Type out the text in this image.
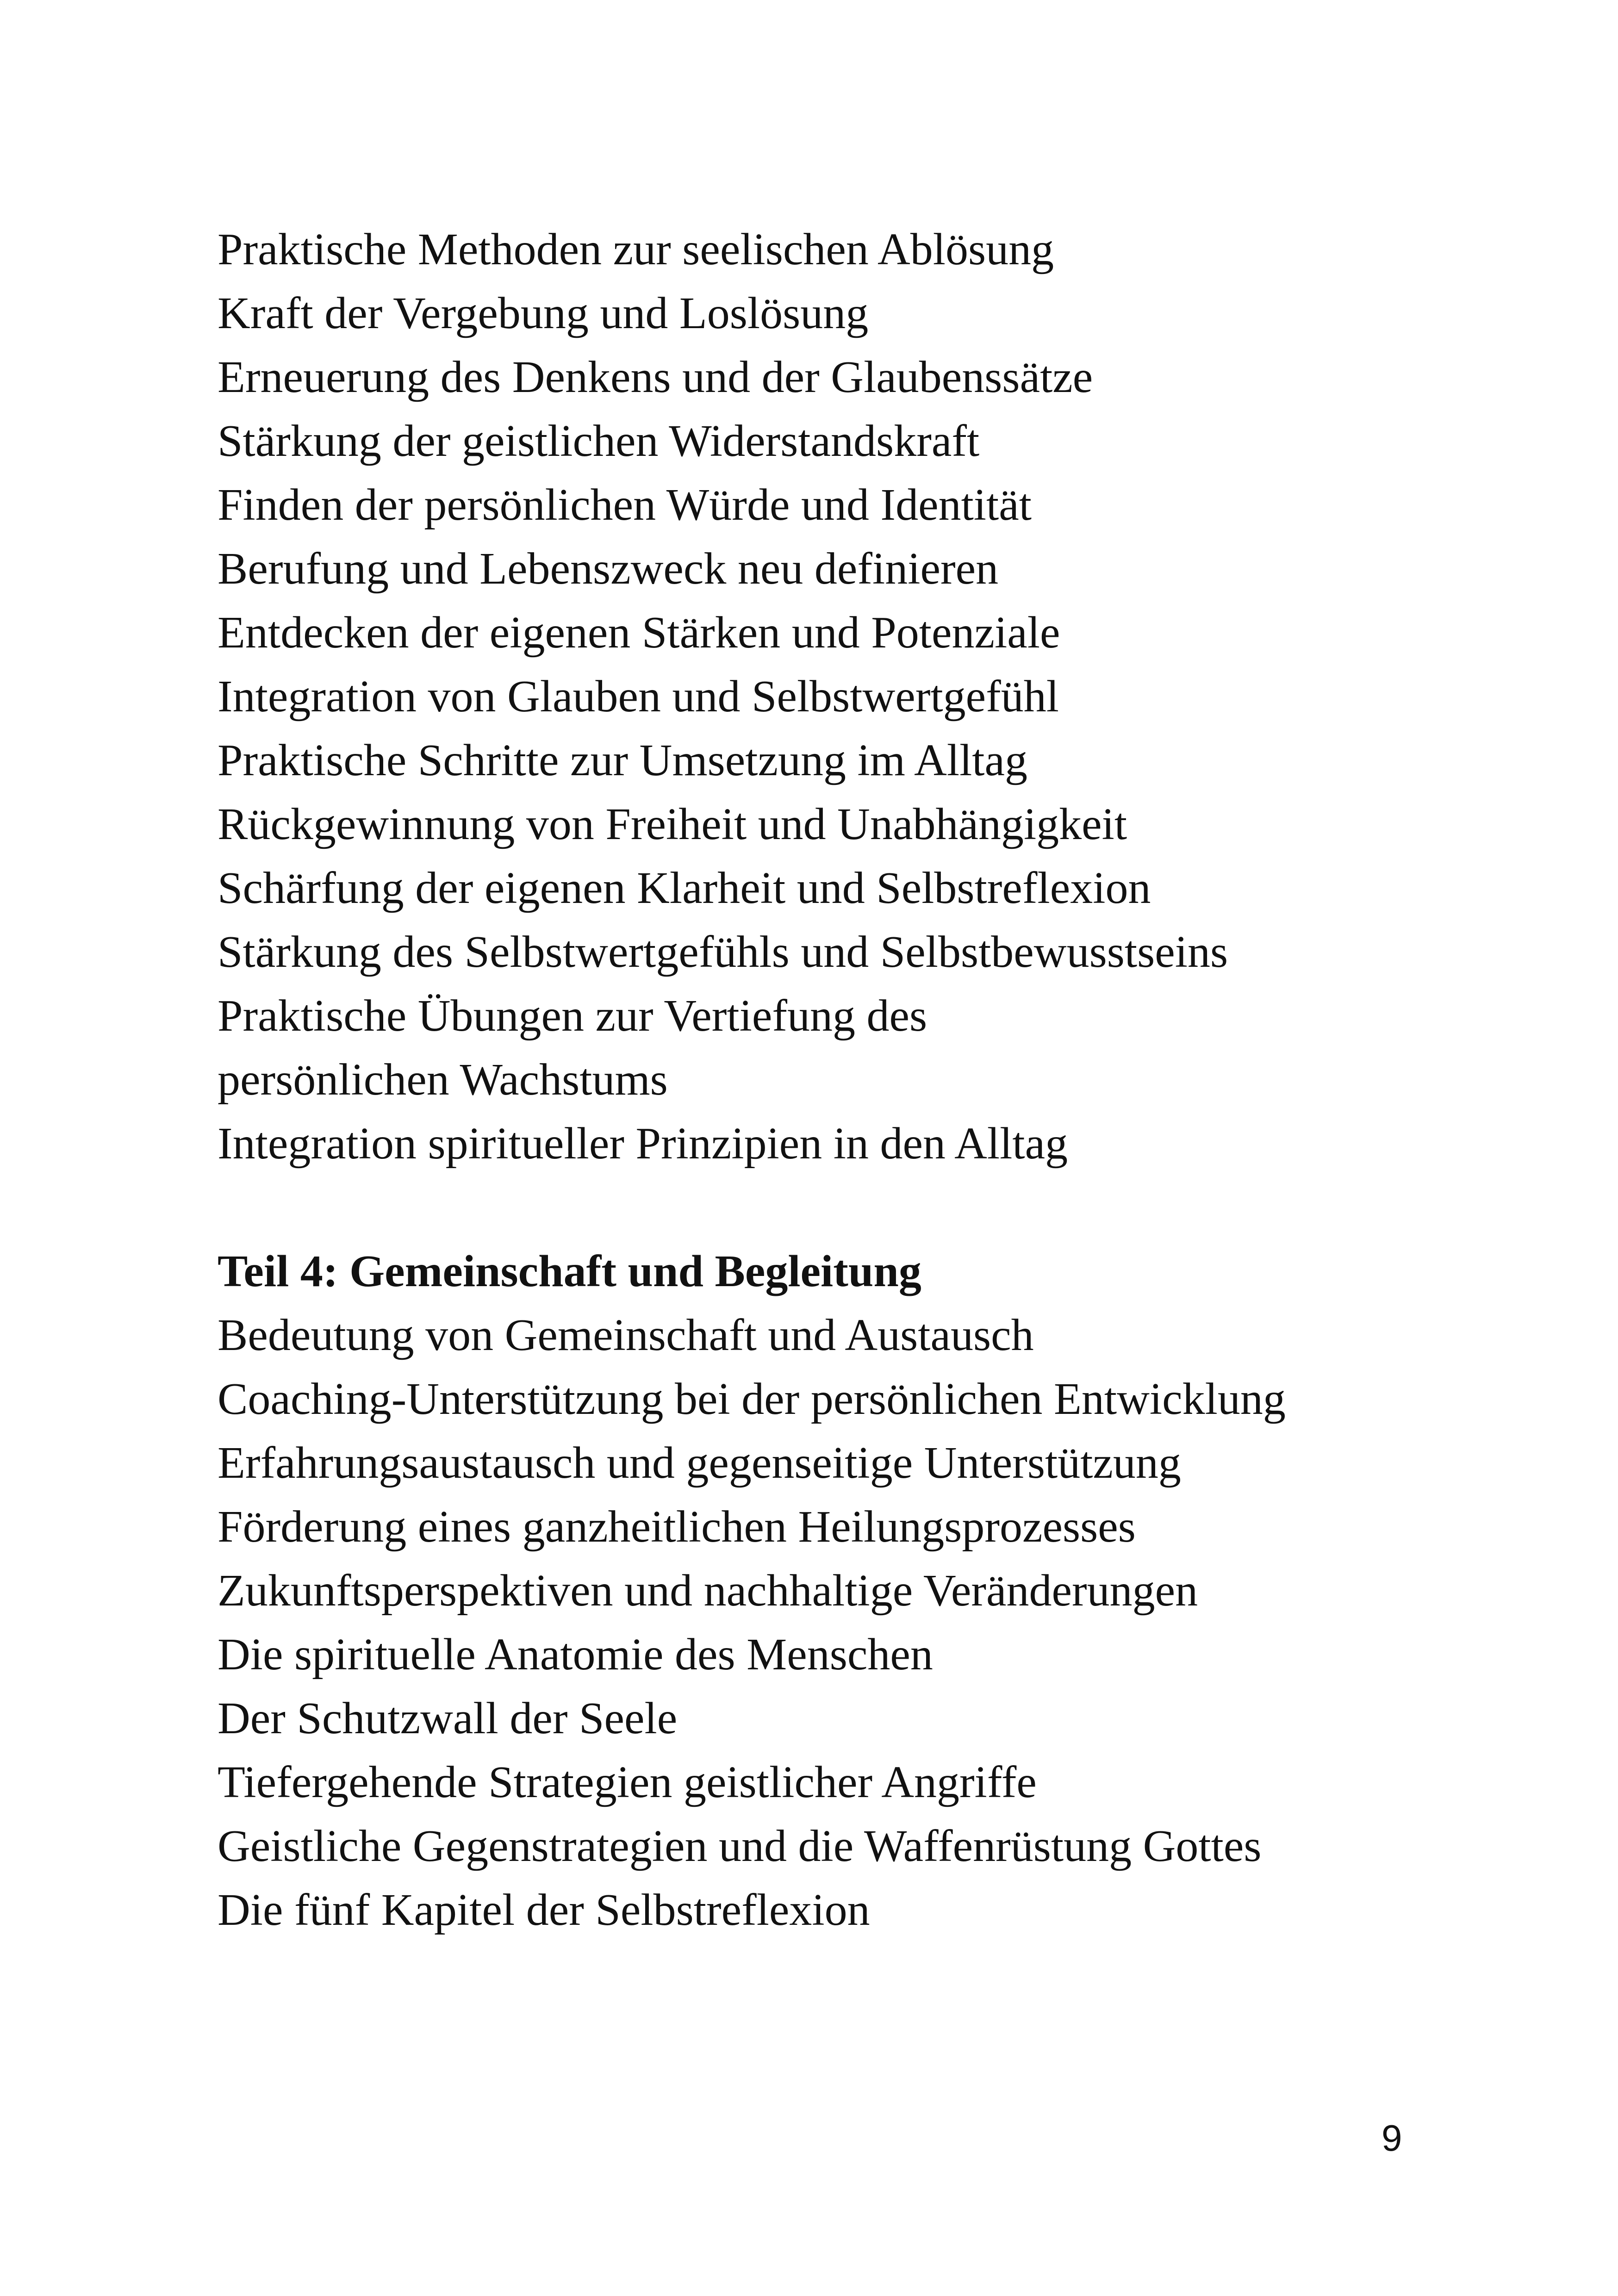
Praktische Methoden zur seelischen Ablösung
Kraft der Vergebung und Loslösung
Erneuerung des Denkens und der Glaubenssätze
Stärkung der geistlichen Widerstandskraft
Finden der persönlichen Würde und Identität
Berufung und Lebenszweck neu definieren
Entdecken der eigenen Stärken und Potenziale
Integration von Glauben und Selbstwertgefühl
Praktische Schritte zur Umsetzung im Alltag
Rückgewinnung von Freiheit und Unabhängigkeit
Schärfung der eigenen Klarheit und Selbstreflexion
Stärkung des Selbstwertgefühls und Selbstbewusstseins
Praktische Übungen zur Vertiefung des
persönlichen Wachstums
Integration spiritueller Prinzipien in den Alltag
Teil 4: Gemeinschaft und Begleitung
Bedeutung von Gemeinschaft und Austausch
Coaching-Unterstützung bei der persönlichen Entwicklung
Erfahrungsaustausch und gegenseitige Unterstützung
Förderung eines ganzheitlichen Heilungsprozesses
Zukunftsperspektiven und nachhaltige Veränderungen
Die spirituelle Anatomie des Menschen
Der Schutzwall der Seele
Tiefergehende Strategien geistlicher Angriffe
Geistliche Gegenstrategien und die Waffenrüstung Gottes
Die fünf Kapitel der Selbstreflexion
9
